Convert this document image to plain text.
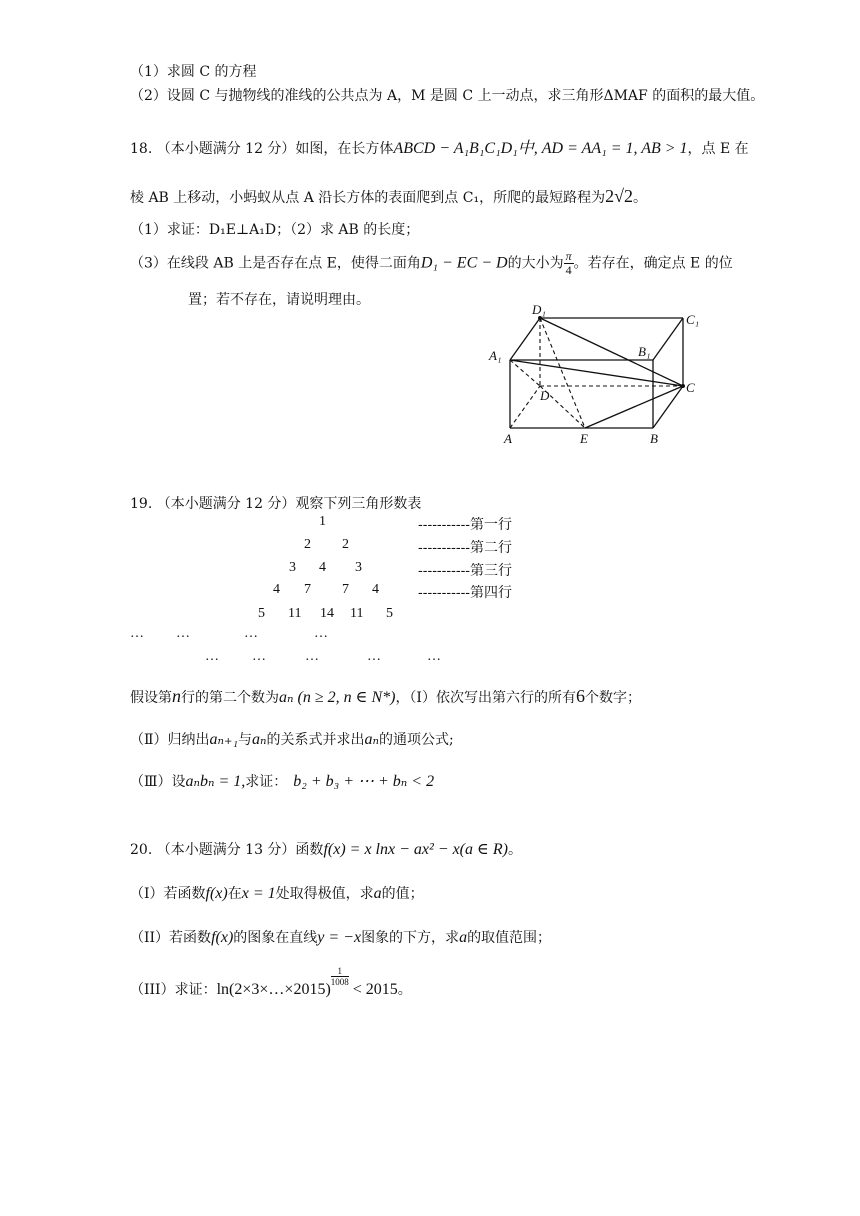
（1）求圆 C 的方程
（2）设圆 C 与抛物线的准线的公共点为 A，M 是圆 C 上一动点，求三角形ΔMAF 的面积的最大值。
18. （本小题满分 12 分）如图，在长方体ABCD − A₁B₁C₁D₁中, AD = AA₁ = 1, AB > 1，点 E 在
棱 AB 上移动，小蚂蚁从点 A 沿长方体的表面爬到点 C₁，所爬的最短路程为2√2。
（1）求证：D₁E⊥A₁D；（2）求 AB 的长度；
（3）在线段 AB 上是否存在点 E，使得二面角D₁ − EC − D的大小为 $\frac{\pi}{4}$ 。若存在，确定点 E 的位
置；若不存在，请说明理由。
D₁
C₁
A₁	B₁
D
C
A	E	B
19. （本小题满分 12 分）观察下列三角形数表
1	-----------第一行
2 2	-----------第二行
3 4 3	-----------第三行
4 7 7 4	-----------第四行
5 11 14 11 5
… …	…	…
… …	…	…	…
假设第n行的第二个数为aₙ (n ≥ 2, n ∈ N*)，（Ⅰ）依次写出第六行的所有6个数字；
（Ⅱ）归纳出aₙ₊₁与aₙ的关系式并求出aₙ的通项公式;
（Ⅲ）设aₙbₙ = 1,求证： b₂ + b₃ + ⋯ + bₙ < 2
20. （本小题满分 13 分）函数f(x) = x lnx − ax² − x(a ∈ R)。
（I）若函数f(x)在x = 1处取得极值，求a的值；
（II）若函数f(x)的图象在直线y = −x图象的下方，求a的取值范围；
（III）求证：ln(2×3×…×2015)
$\frac{1}{1008}$
< 2015。
